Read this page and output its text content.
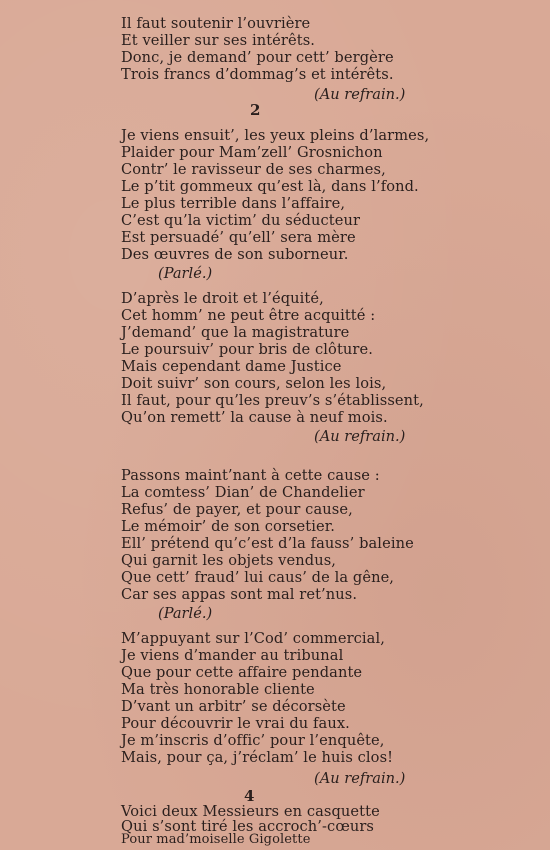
Il faut soutenir l’ouvrière
Et veiller sur ses intérêts.
Donc, je demand’ pour cett’ bergère
Trois francs d’dommag’s et intérêts.
(Au refrain.)
2
Je viens ensuit’, les yeux pleins d’larmes,
Plaider pour Mam’zell’ Grosnichon
Contr’ le ravisseur de ses charmes,
Le p’tit gommeux qu’est là, dans l’fond.
Le plus terrible dans l’affaire,
C’est qu’la victim’ du séducteur
Est persuadé’ qu’ell’ sera mère
Des œuvres de son suborneur.
(Parlé.)
D’après le droit et l’équité,
Cet homm’ ne peut être acquitté :
J’demand’ que la magistrature
Le poursuiv’ pour bris de clôture.
Mais cependant dame Justice
Doit suivr’ son cours, selon les lois,
Il faut, pour qu’les preuv’s s’établissent,
Qu’on remett’ la cause à neuf mois.
(Au refrain.)
Passons maint’nant à cette cause :
La comtess’ Dian’ de Chandelier
Refus’ de payer, et pour cause,
Le mémoir’ de son corsetier.
Ell’ prétend qu’c’est d’la fauss’ baleine
Qui garnit les objets vendus,
Que cett’ fraud’ lui caus’ de la gêne,
Car ses appas sont mal ret’nus.
(Parlé.)
M’appuyant sur l’Cod’ commercial,
Je viens d’mander au tribunal
Que pour cette affaire pendante
Ma très honorable cliente
D’vant un arbitr’ se décorsète
Pour découvrir le vrai du faux.
Je m’inscris d’offic’ pour l’enquête,
Mais, pour ça, j’réclam’ le huis clos!
(Au refrain.)
4
Voici deux Messieurs en casquette
Qui s’sont tiré les accroch’-cœurs
Pour mad’moiselle Gigolette
